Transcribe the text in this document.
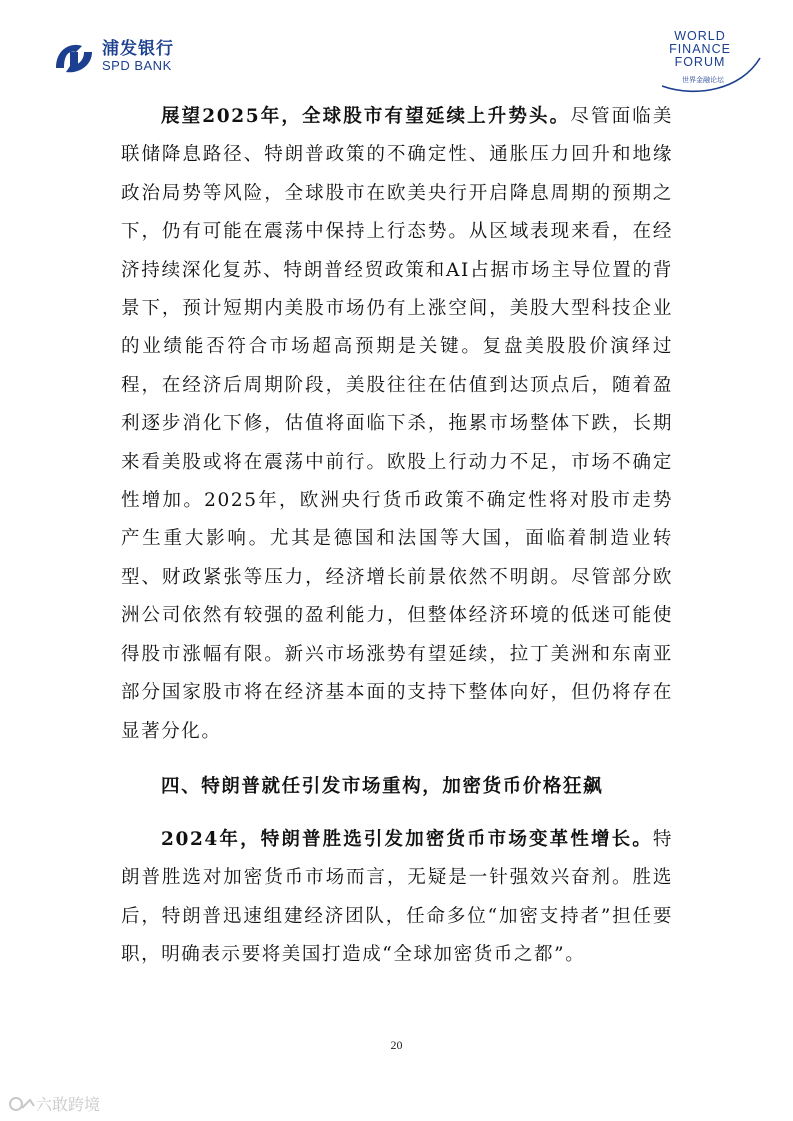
浦发银行
SPD BANK
WORLD
FINANCE
FORUM
世界金融论坛

展望2025年，全球股市有望延续上升势头。尽管面临美联储降息路径、特朗普政策的不确定性、通胀压力回升和地缘政治局势等风险，全球股市在欧美央行开启降息周期的预期之下，仍有可能在震荡中保持上行态势。从区域表现来看，在经济持续深化复苏、特朗普经贸政策和AI占据市场主导位置的背景下，预计短期内美股市场仍有上涨空间，美股大型科技企业的业绩能否符合市场超高预期是关键。复盘美股股价演绎过程，在经济后周期阶段，美股往往在估值到达顶点后，随着盈利逐步消化下修，估值将面临下杀，拖累市场整体下跌，长期来看美股或将在震荡中前行。欧股上行动力不足，市场不确定性增加。2025年，欧洲央行货币政策不确定性将对股市走势产生重大影响。尤其是德国和法国等大国，面临着制造业转型、财政紧张等压力，经济增长前景依然不明朗。尽管部分欧洲公司依然有较强的盈利能力，但整体经济环境的低迷可能使得股市涨幅有限。新兴市场涨势有望延续，拉丁美洲和东南亚部分国家股市将在经济基本面的支持下整体向好，但仍将存在显著分化。

四、特朗普就任引发市场重构，加密货币价格狂飙

2024年，特朗普胜选引发加密货币市场变革性增长。特朗普胜选对加密货币市场而言，无疑是一针强效兴奋剂。胜选后，特朗普迅速组建经济团队，任命多位“加密支持者”担任要职，明确表示要将美国打造成“全球加密货币之都”。

20
六敢跨境
